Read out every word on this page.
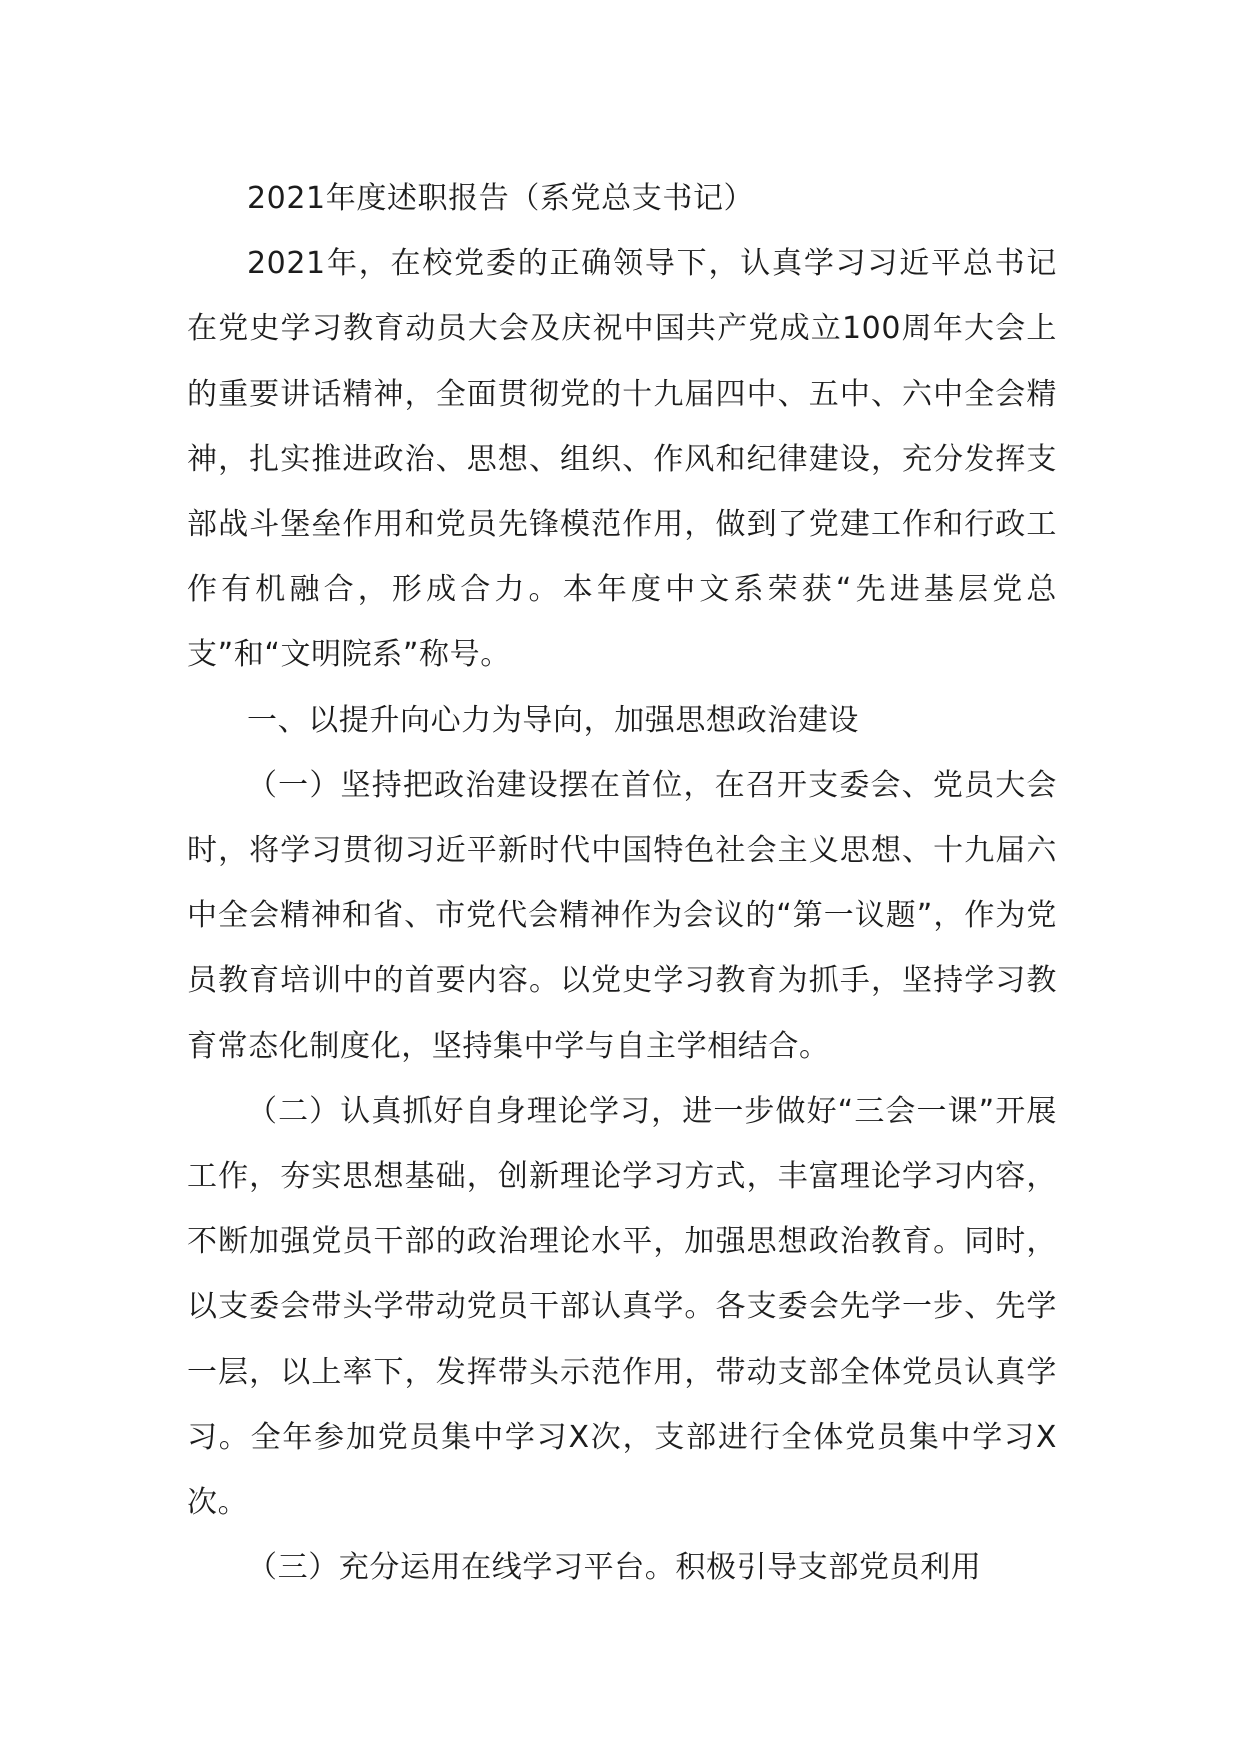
2021年度述职报告（系党总支书记）

2021年，在校党委的正确领导下，认真学习习近平总书记在党史学习教育动员大会及庆祝中国共产党成立100周年大会上的重要讲话精神，全面贯彻党的十九届四中、五中、六中全会精神，扎实推进政治、思想、组织、作风和纪律建设，充分发挥支部战斗堡垒作用和党员先锋模范作用，做到了党建工作和行政工作有机融合，形成合力。本年度中文系荣获“先进基层党总支”和“文明院系”称号。

一、以提升向心力为导向，加强思想政治建设

（一）坚持把政治建设摆在首位，在召开支委会、党员大会时，将学习贯彻习近平新时代中国特色社会主义思想、十九届六中全会精神和省、市党代会精神作为会议的“第一议题”，作为党员教育培训中的首要内容。以党史学习教育为抓手，坚持学习教育常态化制度化，坚持集中学与自主学相结合。

（二）认真抓好自身理论学习，进一步做好“三会一课”开展工作，夯实思想基础，创新理论学习方式，丰富理论学习内容，不断加强党员干部的政治理论水平，加强思想政治教育。同时，以支委会带头学带动党员干部认真学。各支委会先学一步、先学一层，以上率下，发挥带头示范作用，带动支部全体党员认真学习。全年参加党员集中学习X次，支部进行全体党员集中学习X次。

（三）充分运用在线学习平台。积极引导支部党员利用
